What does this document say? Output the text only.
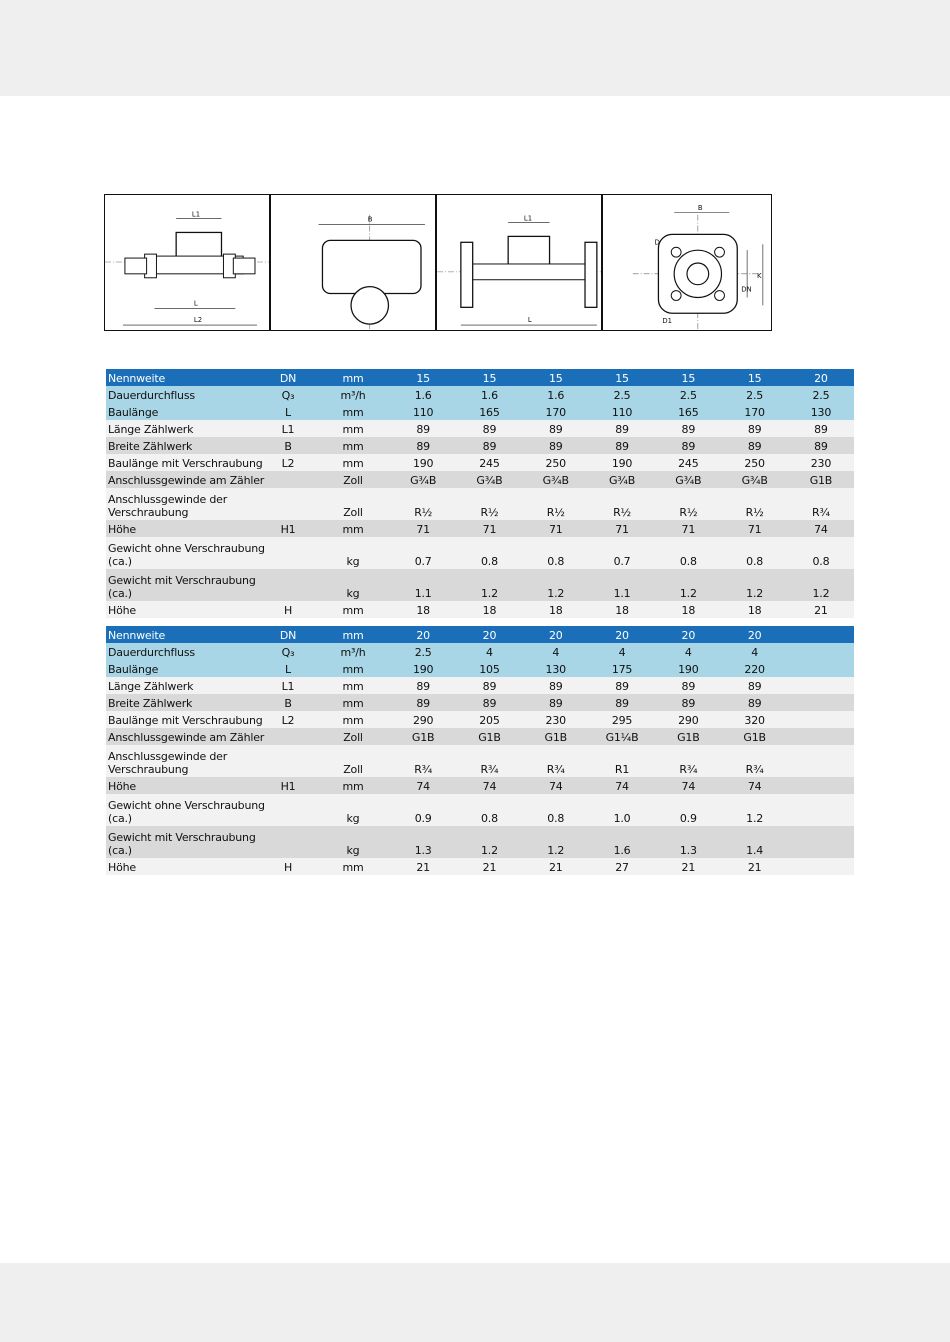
L1
L
L2
B	L1
L
B
D
K
DN
D1
Nennweite	DN	mm	15	15	15	15	15	15	20
Dauerdurchfluss	Q₃	m³/h	1.6	1.6	1.6	2.5	2.5	2.5	2.5
Baulänge	L	mm	110	165	170	110	165	170	130
Länge Zählwerk	L1	mm	89	89	89	89	89	89	89
Breite Zählwerk	B	mm	89	89	89	89	89	89	89
Baulänge mit Verschraubung	L2	mm	190	245	250	190	245	250	230
Anschlussgewinde am Zähler		Zoll	G¾B	G¾B	G¾B	G¾B	G¾B	G¾B	G1B
Anschlussgewinde der Verschraubung		Zoll	R½	R½	R½	R½	R½	R½	R¾
Höhe	H1	mm	71	71	71	71	71	71	74
Gewicht ohne Verschraubung (ca.)		kg	0.7	0.8	0.8	0.7	0.8	0.8	0.8
Gewicht mit Verschraubung (ca.)		kg	1.1	1.2	1.2	1.1	1.2	1.2	1.2
Höhe	H	mm	18	18	18	18	18	18	21
Nennweite	DN	mm	20	20	20	20	20	20	
Dauerdurchfluss	Q₃	m³/h	2.5	4	4	4	4	4	
Baulänge	L	mm	190	105	130	175	190	220	
Länge Zählwerk	L1	mm	89	89	89	89	89	89	
Breite Zählwerk	B	mm	89	89	89	89	89	89	
Baulänge mit Verschraubung	L2	mm	290	205	230	295	290	320	
Anschlussgewinde am Zähler		Zoll	G1B	G1B	G1B	G1¼B	G1B	G1B	
Anschlussgewinde der Verschraubung		Zoll	R¾	R¾	R¾	R1	R¾	R¾	
Höhe	H1	mm	74	74	74	74	74	74	
Gewicht ohne Verschraubung (ca.)		kg	0.9	0.8	0.8	1.0	0.9	1.2	
Gewicht mit Verschraubung (ca.)		kg	1.3	1.2	1.2	1.6	1.3	1.4	
Höhe	H	mm	21	21	21	27	21	21	
